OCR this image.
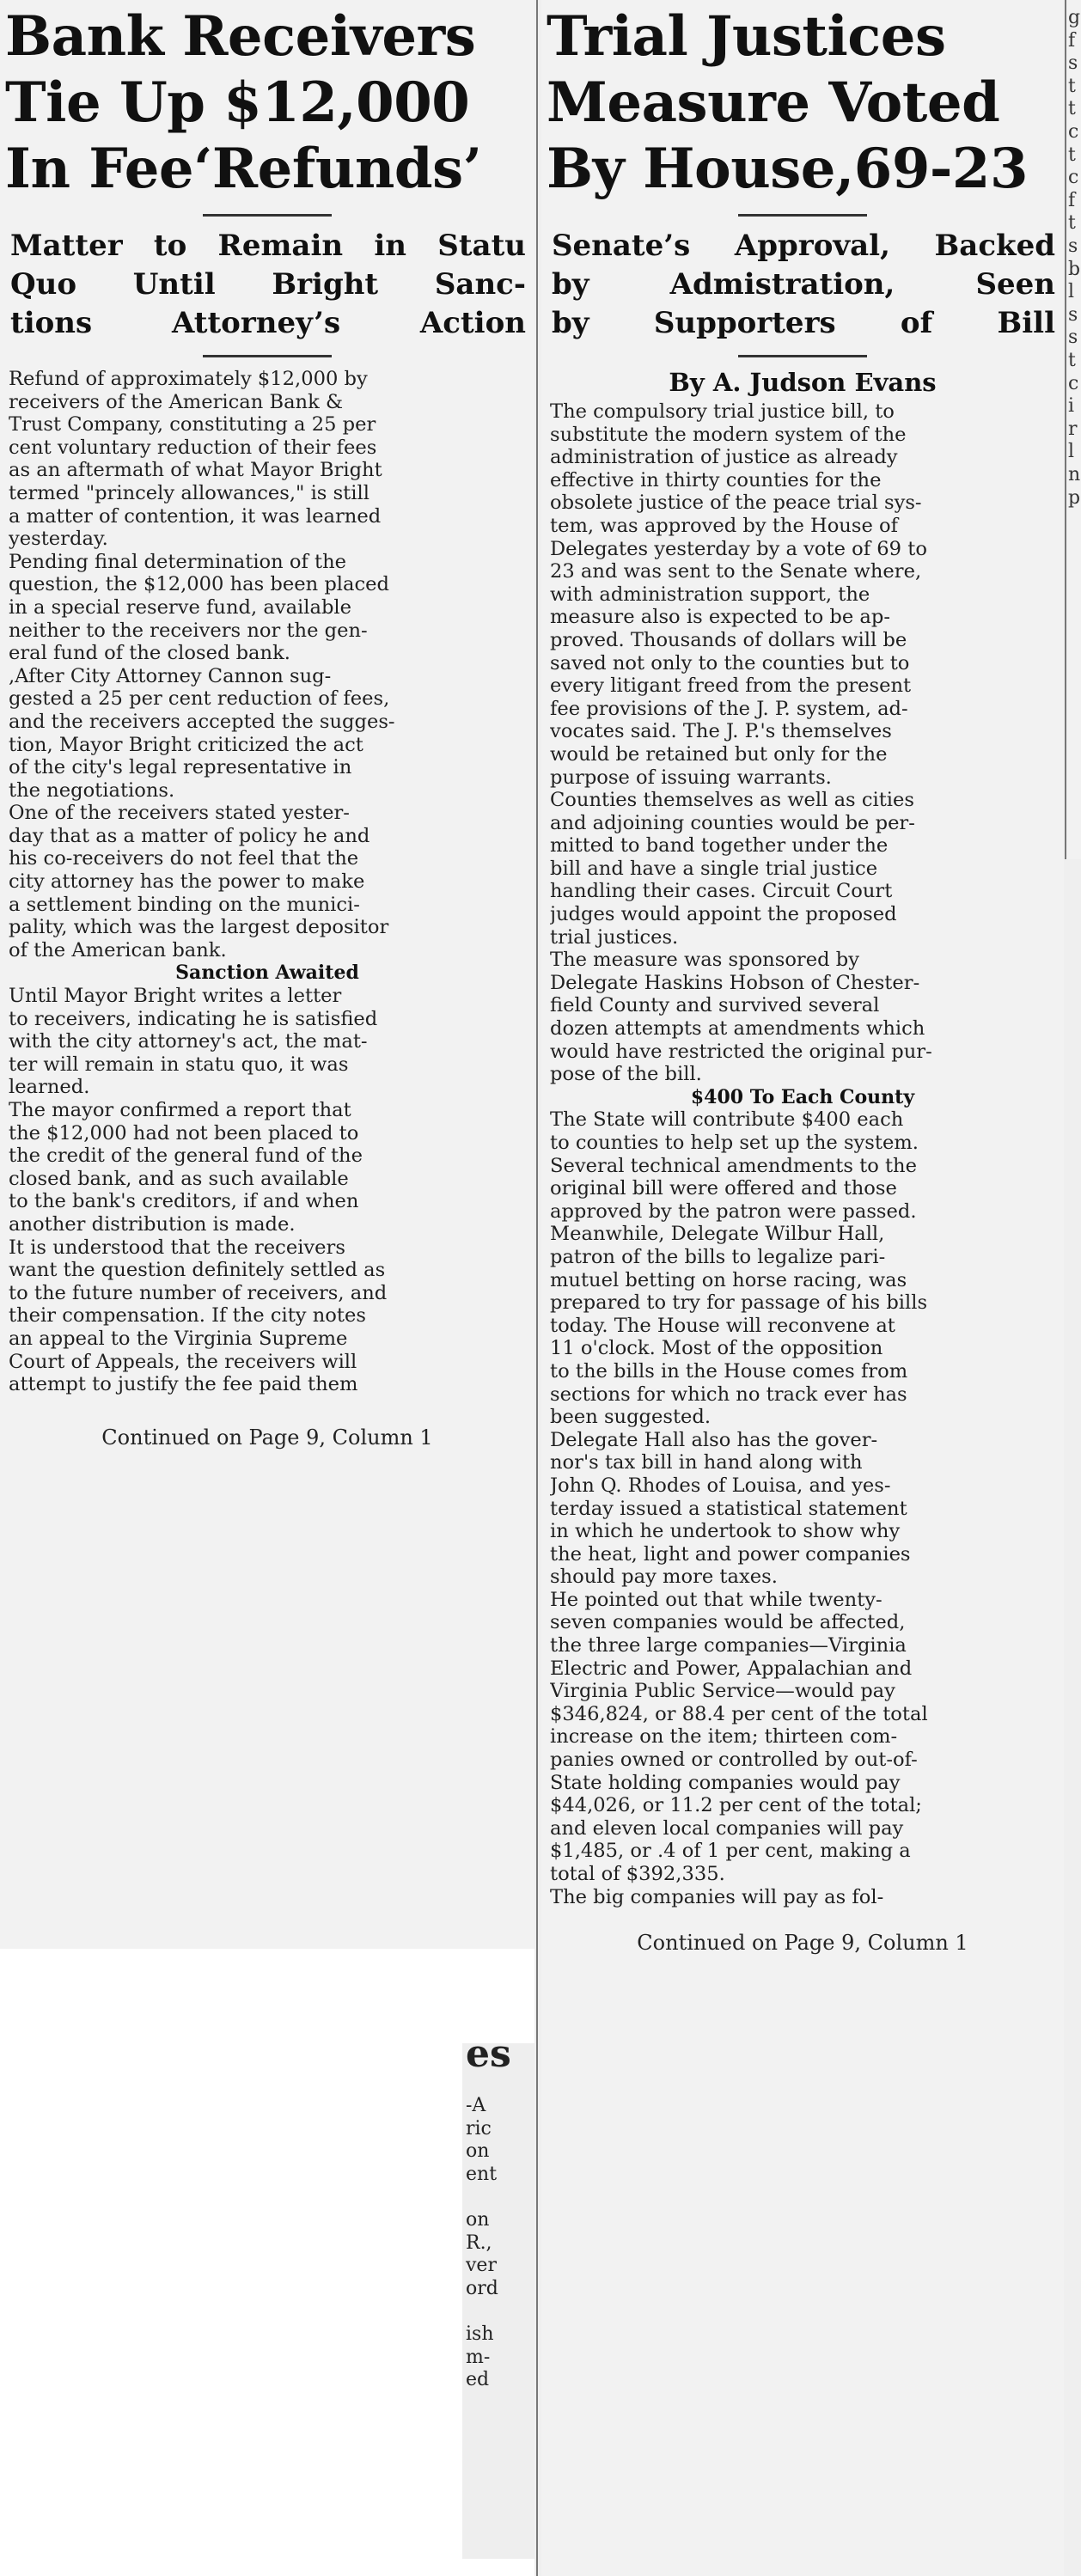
Bank Receivers
Tie Up $12,000
In Fee‘Refunds’
Matter to Remain in Statu
Quo Until Bright Sanc-
tions Attorney’s Action
Refund of approximately $12,000 by
receivers of the American Bank &
Trust Company, constituting a 25 per
cent voluntary reduction of their fees
as an aftermath of what Mayor Bright
termed "princely allowances," is still
a matter of contention, it was learned
yesterday.
Pending final determination of the
question, the $12,000 has been placed
in a special reserve fund, available
neither to the receivers nor the gen-
eral fund of the closed bank.
,After City Attorney Cannon sug-
gested a 25 per cent reduction of fees,
and the receivers accepted the sugges-
tion, Mayor Bright criticized the act
of the city's legal representative in
the negotiations.
One of the receivers stated yester-
day that as a matter of policy he and
his co-receivers do not feel that the
city attorney has the power to make
a settlement binding on the munici-
pality, which was the largest depositor
of the American bank.
Sanction Awaited
Until Mayor Bright writes a letter
to receivers, indicating he is satisfied
with the city attorney's act, the mat-
ter will remain in statu quo, it was
learned.
The mayor confirmed a report that
the $12,000 had not been placed to
the credit of the general fund of the
closed bank, and as such available
to the bank's creditors, if and when
another distribution is made.
It is understood that the receivers
want the question definitely settled as
to the future number of receivers, and
their compensation. If the city notes
an appeal to the Virginia Supreme
Court of Appeals, the receivers will
attempt to justify the fee paid them
Continued on Page 9, Column 1
Trial Justices
Measure Voted
By House,69-23
Senate’s Approval, Backed
by Admistration, Seen
by Supporters of Bill
By A. Judson Evans
The compulsory trial justice bill, to
substitute the modern system of the
administration of justice as already
effective in thirty counties for the
obsolete justice of the peace trial sys-
tem, was approved by the House of
Delegates yesterday by a vote of 69 to
23 and was sent to the Senate where,
with administration support, the
measure also is expected to be ap-
proved. Thousands of dollars will be
saved not only to the counties but to
every litigant freed from the present
fee provisions of the J. P. system, ad-
vocates said. The J. P.'s themselves
would be retained but only for the
purpose of issuing warrants.
Counties themselves as well as cities
and adjoining counties would be per-
mitted to band together under the
bill and have a single trial justice
handling their cases. Circuit Court
judges would appoint the proposed
trial justices.
The measure was sponsored by
Delegate Haskins Hobson of Chester-
field County and survived several
dozen attempts at amendments which
would have restricted the original pur-
pose of the bill.
$400 To Each County
The State will contribute $400 each
to counties to help set up the system.
Several technical amendments to the
original bill were offered and those
approved by the patron were passed.
Meanwhile, Delegate Wilbur Hall,
patron of the bills to legalize pari-
mutuel betting on horse racing, was
prepared to try for passage of his bills
today. The House will reconvene at
11 o'clock. Most of the opposition
to the bills in the House comes from
sections for which no track ever has
been suggested.
Delegate Hall also has the gover-
nor's tax bill in hand along with
John Q. Rhodes of Louisa, and yes-
terday issued a statistical statement
in which he undertook to show why
the heat, light and power companies
should pay more taxes.
He pointed out that while twenty-
seven companies would be affected,
the three large companies—Virginia
Electric and Power, Appalachian and
Virginia Public Service—would pay
$346,824, or 88.4 per cent of the total
increase on the item; thirteen com-
panies owned or controlled by out-of-
State holding companies would pay
$44,026, or 11.2 per cent of the total;
and eleven local companies will pay
$1,485, or .4 of 1 per cent, making a
total of $392,335.
The big companies will pay as fol-
Continued on Page 9, Column 1
g
f
s
t
t
c
t
c
f
t
s
b
l
s
s
t
c
i
r
l
n
p
es
-A
ric
on
ent
on
R.,
ver
ord
ish
m-
ed
